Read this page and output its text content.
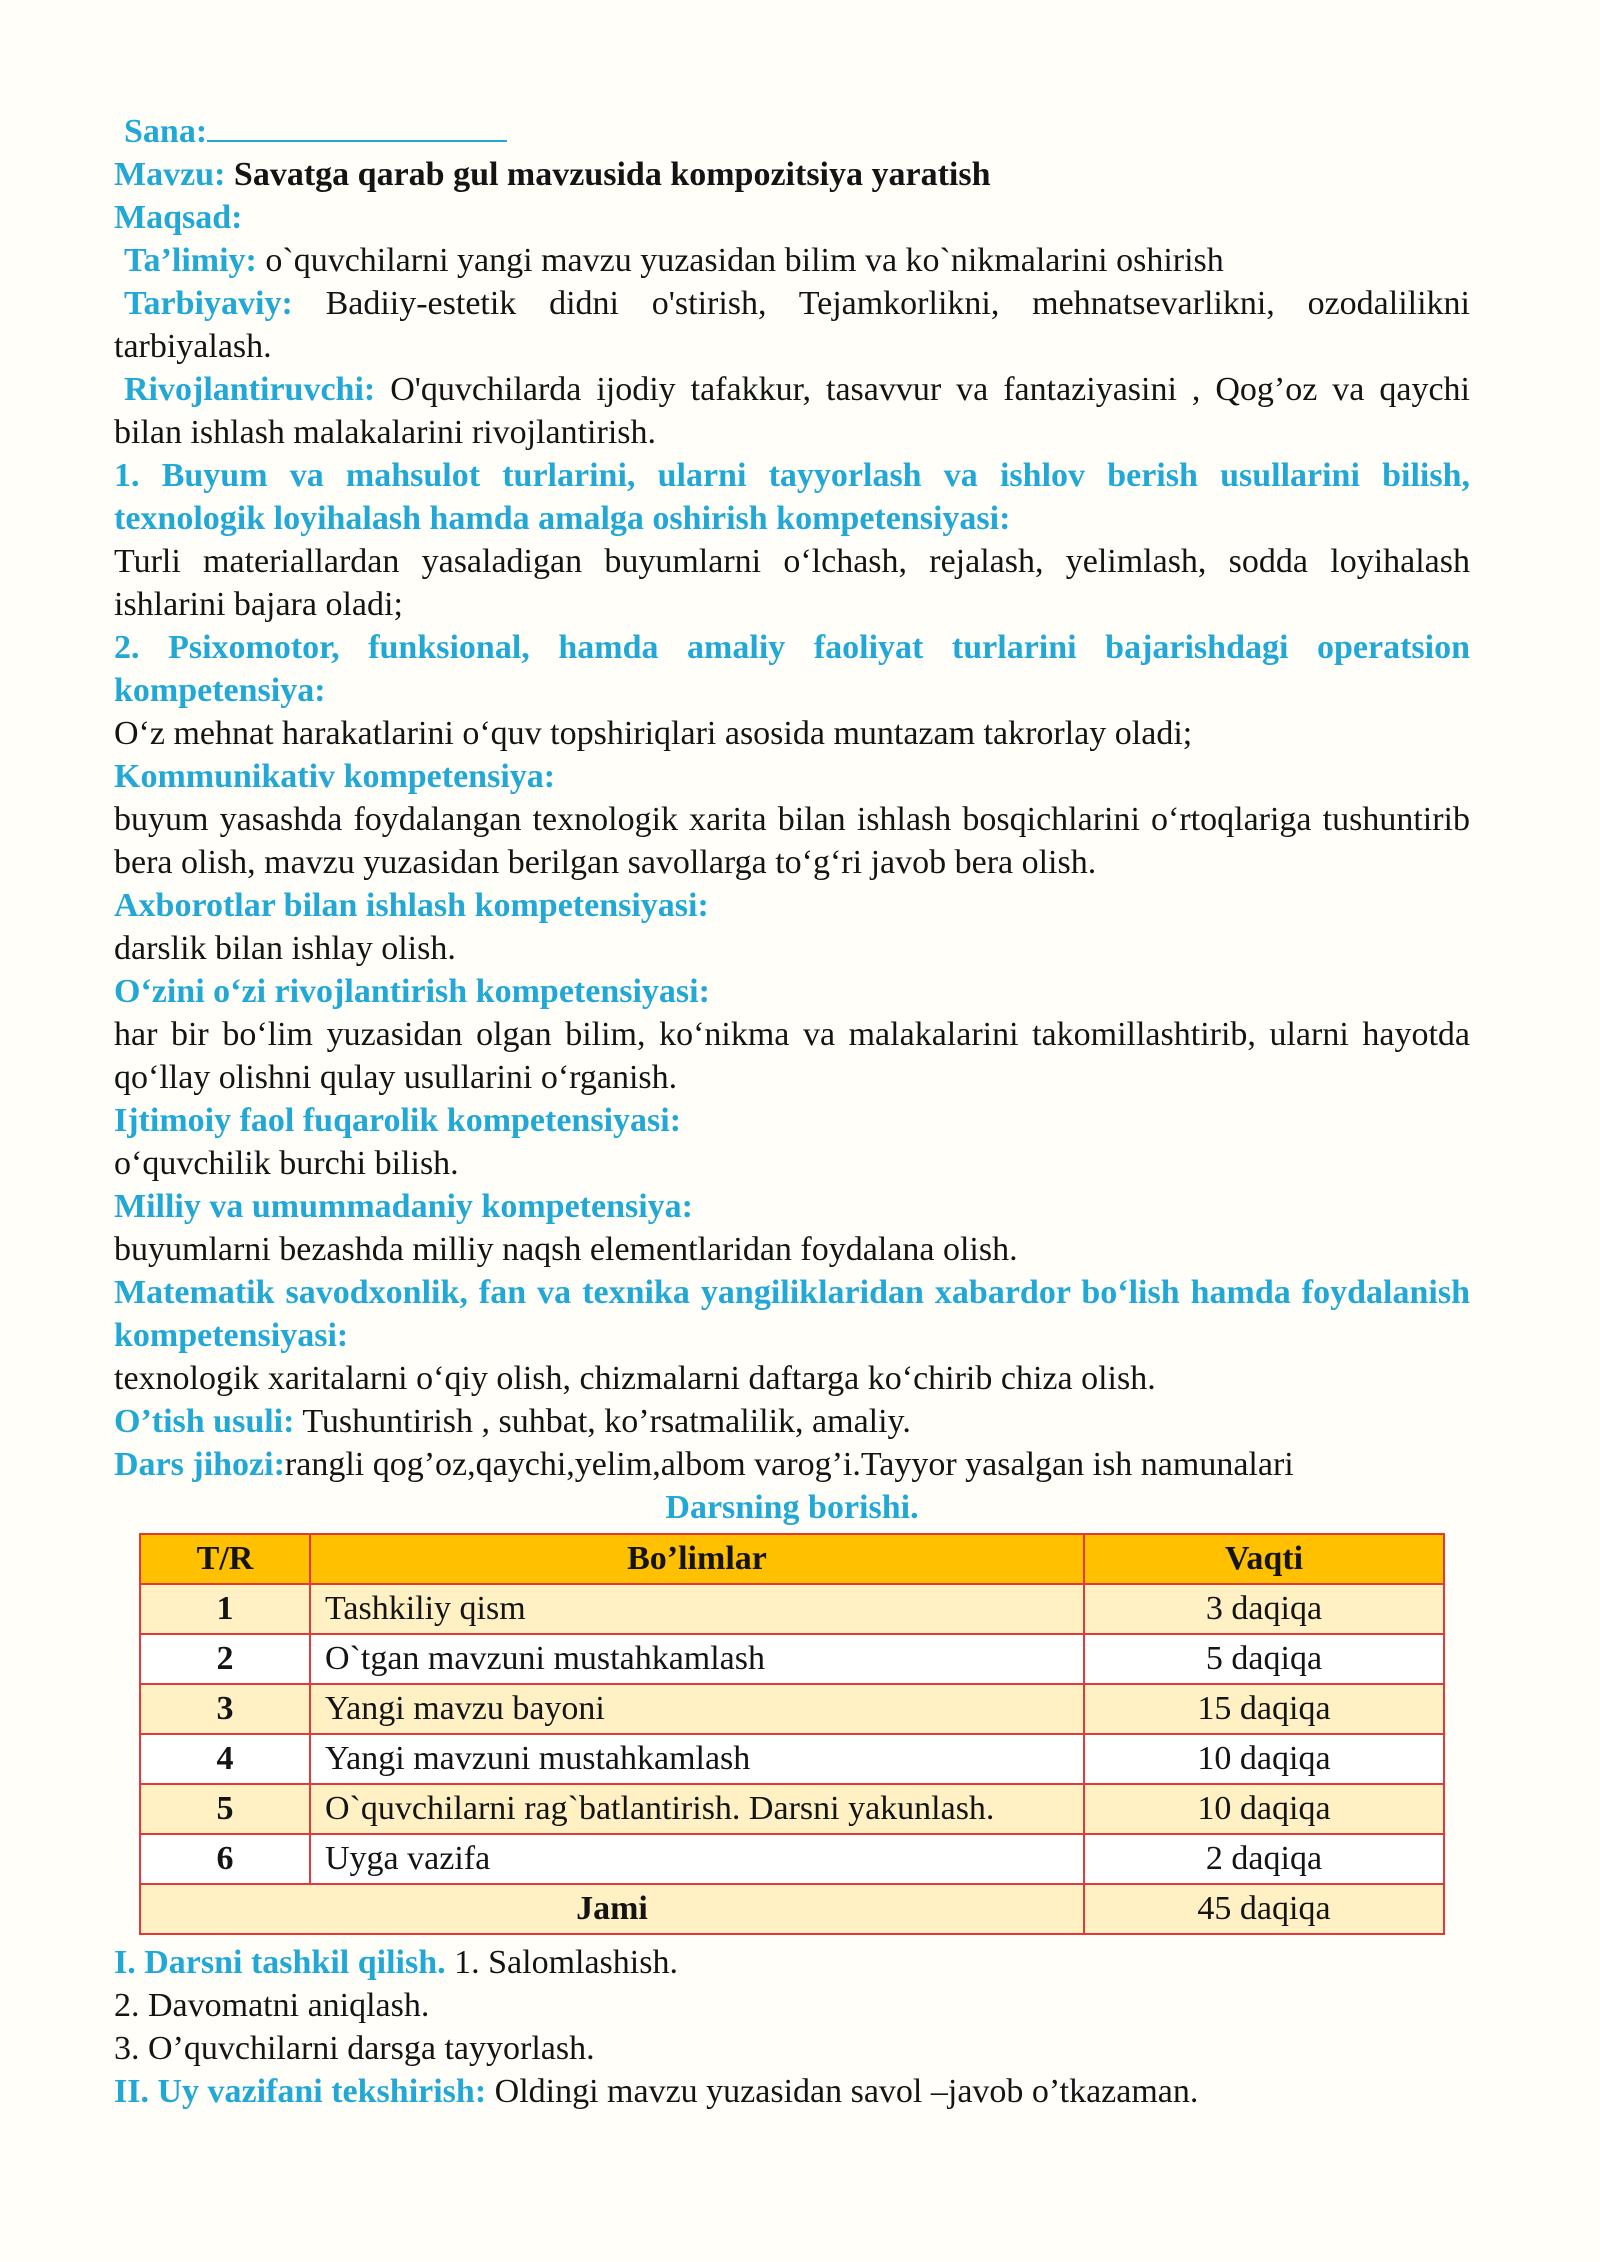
Sana:
Mavzu: Savatga qarab gul mavzusida kompozitsiya yaratish
Maqsad:
Ta’limiy: o`quvchilarni yangi mavzu yuzasidan bilim va ko`nikmalarini oshirish
Tarbiyaviy: Badiiy-estetik didni o'stirish, Tejamkorlikni, mehnatsevarlikni, ozodalilikni tarbiyalash.
Rivojlantiruvchi: O'quvchilarda ijodiy tafakkur, tasavvur va fantaziyasini , Qog’oz va qaychi bilan ishlash malakalarini rivojlantirish.
1. Buyum va mahsulot turlarini, ularni tayyorlash va ishlov berish usullarini bilish, texnologik loyihalash hamda amalga oshirish kompetensiyasi:
Turli materiallardan yasaladigan buyumlarni o‘lchash, rejalash, yelimlash, sodda loyihalash ishlarini bajara oladi;
2. Psixomotor, funksional, hamda amaliy faoliyat turlarini bajarishdagi operatsion kompetensiya:
O‘z mehnat harakatlarini o‘quv topshiriqlari asosida muntazam takrorlay oladi;
Kommunikativ kompetensiya:
buyum yasashda foydalangan texnologik xarita bilan ishlash bosqichlarini o‘rtoqlariga tushuntirib bera olish, mavzu yuzasidan berilgan savollarga to‘g‘ri javob bera olish.
Axborotlar bilan ishlash kompetensiyasi:
darslik bilan ishlay olish.
O‘zini o‘zi rivojlantirish kompetensiyasi:
har bir bo‘lim yuzasidan olgan bilim, ko‘nikma va malakalarini takomillashtirib, ularni hayotda qo‘llay olishni qulay usullarini o‘rganish.
Ijtimoiy faol fuqarolik kompetensiyasi:
o‘quvchilik burchi bilish.
Milliy va umummadaniy kompetensiya:
buyumlarni bezashda milliy naqsh elementlaridan foydalana olish.
Matematik savodxonlik, fan va texnika yangiliklaridan xabardor bo‘lish hamda foydalanish kompetensiyasi:
texnologik xaritalarni o‘qiy olish, chizmalarni daftarga ko‘chirib chiza olish.
O’tish usuli: Tushuntirish , suhbat, ko’rsatmalilik, amaliy.
Dars jihozi:rangli qog’oz,qaychi,yelim,albom varog’i.Tayyor yasalgan ish namunalari
Darsning borishi.
T/R	Bo’limlar	Vaqti
1	Tashkiliy qism	3 daqiqa
2	O`tgan mavzuni mustahkamlash	5 daqiqa
3	Yangi mavzu bayoni	15 daqiqa
4	Yangi mavzuni mustahkamlash	10 daqiqa
5	O`quvchilarni rag`batlantirish. Darsni yakunlash.	10 daqiqa
6	Uyga vazifa	2 daqiqa
Jami		45 daqiqa
I. Darsni tashkil qilish. 1. Salomlashish.
2. Davomatni aniqlash.
3. O’quvchilarni darsga tayyorlash.
II. Uy vazifani tekshirish: Oldingi mavzu yuzasidan savol –javob o’tkazaman.
